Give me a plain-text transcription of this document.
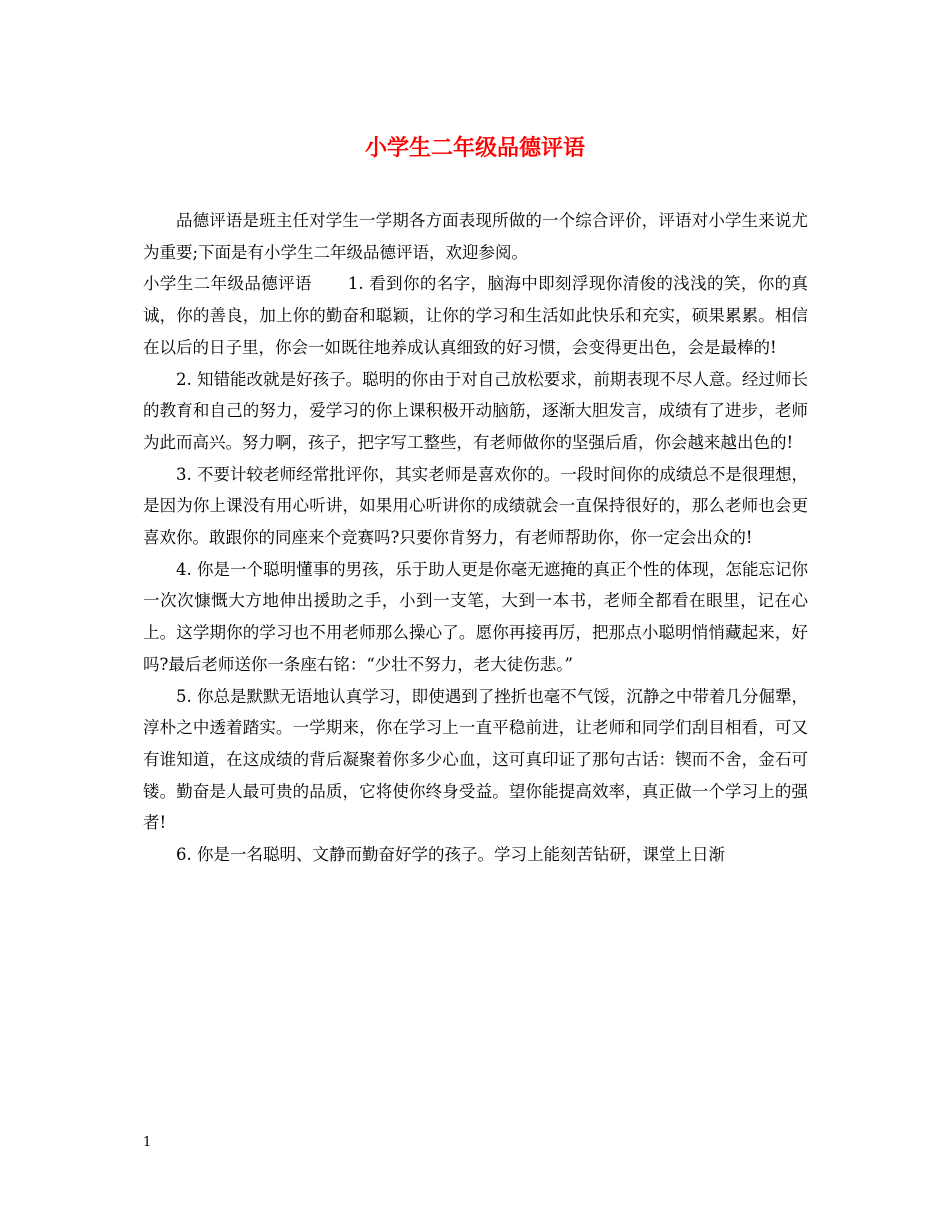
小学生二年级品德评语

品德评语是班主任对学生一学期各方面表现所做的一个综合评价，评语对小学生来说尤为重要;下面是有小学生二年级品德评语，欢迎参阅。

小学生二年级品德评语 1. 看到你的名字，脑海中即刻浮现你清俊的浅浅的笑，你的真诚，你的善良，加上你的勤奋和聪颖，让你的学习和生活如此快乐和充实，硕果累累。相信在以后的日子里，你会一如既往地养成认真细致的好习惯，会变得更出色，会是最棒的!

2. 知错能改就是好孩子。聪明的你由于对自己放松要求，前期表现不尽人意。经过师长的教育和自己的努力，爱学习的你上课积极开动脑筋，逐渐大胆发言，成绩有了进步，老师为此而高兴。努力啊，孩子，把字写工整些，有老师做你的坚强后盾，你会越来越出色的!

3. 不要计较老师经常批评你，其实老师是喜欢你的。一段时间你的成绩总不是很理想，是因为你上课没有用心听讲，如果用心听讲你的成绩就会一直保持很好的，那么老师也会更喜欢你。敢跟你的同座来个竞赛吗?只要你肯努力，有老师帮助你，你一定会出众的!

4. 你是一个聪明懂事的男孩，乐于助人更是你毫无遮掩的真正个性的体现，怎能忘记你一次次慷慨大方地伸出援助之手，小到一支笔，大到一本书，老师全都看在眼里，记在心上。这学期你的学习也不用老师那么操心了。愿你再接再厉，把那点小聪明悄悄藏起来，好吗?最后老师送你一条座右铭：“少壮不努力，老大徒伤悲。”

5. 你总是默默无语地认真学习，即使遇到了挫折也毫不气馁，沉静之中带着几分倔犟，淳朴之中透着踏实。一学期来，你在学习上一直平稳前进，让老师和同学们刮目相看，可又有谁知道，在这成绩的背后凝聚着你多少心血，这可真印证了那句古话：锲而不舍，金石可镂。勤奋是人最可贵的品质，它将使你终身受益。望你能提高效率，真正做一个学习上的强者!

6. 你是一名聪明、文静而勤奋好学的孩子。学习上能刻苦钻研，课堂上日渐

1
